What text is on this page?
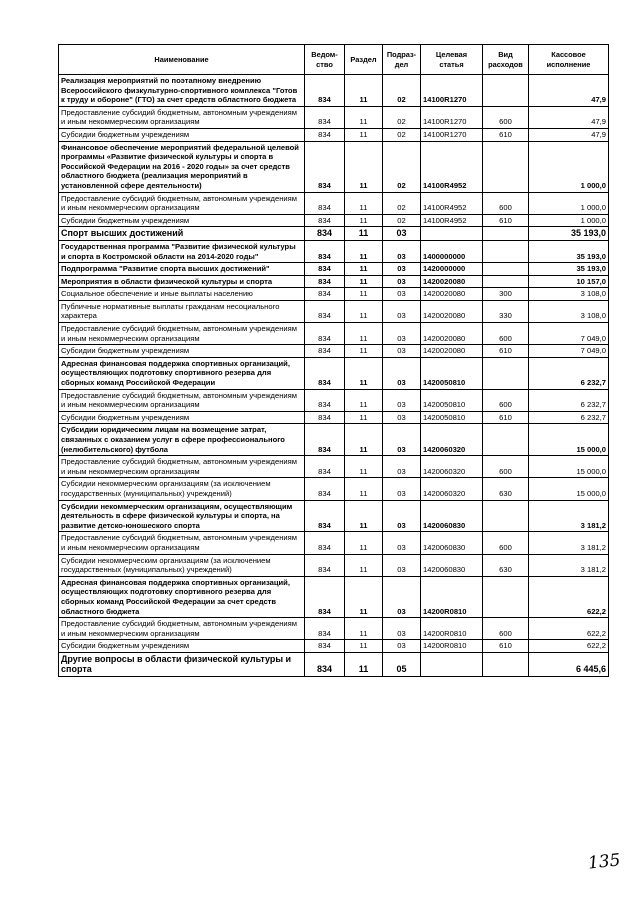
Наименование	Ведом-ство	Раздел	Подраз-дел	Целевая статья	Вид расходов	Кассовое исполнение
Реализация мероприятий по поэтапному внедрению Всероссийского физкультурно-спортивного комплекса "Готов к труду и обороне" (ГТО) за счет средств областного бюджета	834	11	02	14100R1270		47,9
Предоставление субсидий бюджетным, автономным учреждениям и иным некоммерческим организациям	834	11	02	14100R1270	600	47,9
Субсидии бюджетным учреждениям	834	11	02	14100R1270	610	47,9
Финансовое обеспечение мероприятий федеральной целевой программы «Развитие физической культуры и спорта в Российской Федерации на 2016 - 2020 годы» за счет средств областного бюджета (реализация мероприятий в установленной сфере деятельности)	834	11	02	14100R4952		1 000,0
Предоставление субсидий бюджетным, автономным учреждениям и иным некоммерческим организациям	834	11	02	14100R4952	600	1 000,0
Субсидии бюджетным учреждениям	834	11	02	14100R4952	610	1 000,0
Спорт высших достижений	834	11	03			35 193,0
Государственная программа "Развитие физической культуры и спорта в Костромской области на 2014-2020 годы"	834	11	03	1400000000		35 193,0
Подпрограмма "Развитие спорта высших достижений"	834	11	03	1420000000		35 193,0
Мероприятия в области физической культуры и спорта	834	11	03	1420020080		10 157,0
Социальное обеспечение и иные выплаты населению	834	11	03	1420020080	300	3 108,0
Публичные нормативные выплаты гражданам несоциального характера	834	11	03	1420020080	330	3 108,0
Предоставление субсидий бюджетным, автономным учреждениям и иным некоммерческим организациям	834	11	03	1420020080	600	7 049,0
Субсидии бюджетным учреждениям	834	11	03	1420020080	610	7 049,0
Адресная финансовая поддержка спортивных организаций, осуществляющих подготовку спортивного резерва для сборных команд Российской Федерации	834	11	03	1420050810		6 232,7
Предоставление субсидий бюджетным, автономным учреждениям и иным некоммерческим организациям	834	11	03	1420050810	600	6 232,7
Субсидии бюджетным учреждениям	834	11	03	1420050810	610	6 232,7
Субсидии юридическим лицам на возмещение затрат, связанных с оказанием услуг в сфере профессионального (нелюбительского) футбола	834	11	03	1420060320		15 000,0
Предоставление субсидий бюджетным, автономным учреждениям и иным некоммерческим организациям	834	11	03	1420060320	600	15 000,0
Субсидии некоммерческим организациям (за исключением государственных (муниципальных) учреждений)	834	11	03	1420060320	630	15 000,0
Субсидии некоммерческим организациям, осуществляющим деятельность в сфере физической культуры и спорта, на развитие детско-юношеского спорта	834	11	03	1420060830		3 181,2
Предоставление субсидий бюджетным, автономным учреждениям и иным некоммерческим организациям	834	11	03	1420060830	600	3 181,2
Субсидии некоммерческим организациям (за исключением государственных (муниципальных) учреждений)	834	11	03	1420060830	630	3 181,2
Адресная финансовая поддержка спортивных организаций, осуществляющих подготовку спортивного резерва для сборных команд Российской Федерации за счет средств областного бюджета	834	11	03	14200R0810		622,2
Предоставление субсидий бюджетным, автономным учреждениям и иным некоммерческим организациям	834	11	03	14200R0810	600	622,2
Субсидии бюджетным учреждениям	834	11	03	14200R0810	610	622,2
Другие вопросы в области физической культуры и спорта	834	11	05			6 445,6
135
